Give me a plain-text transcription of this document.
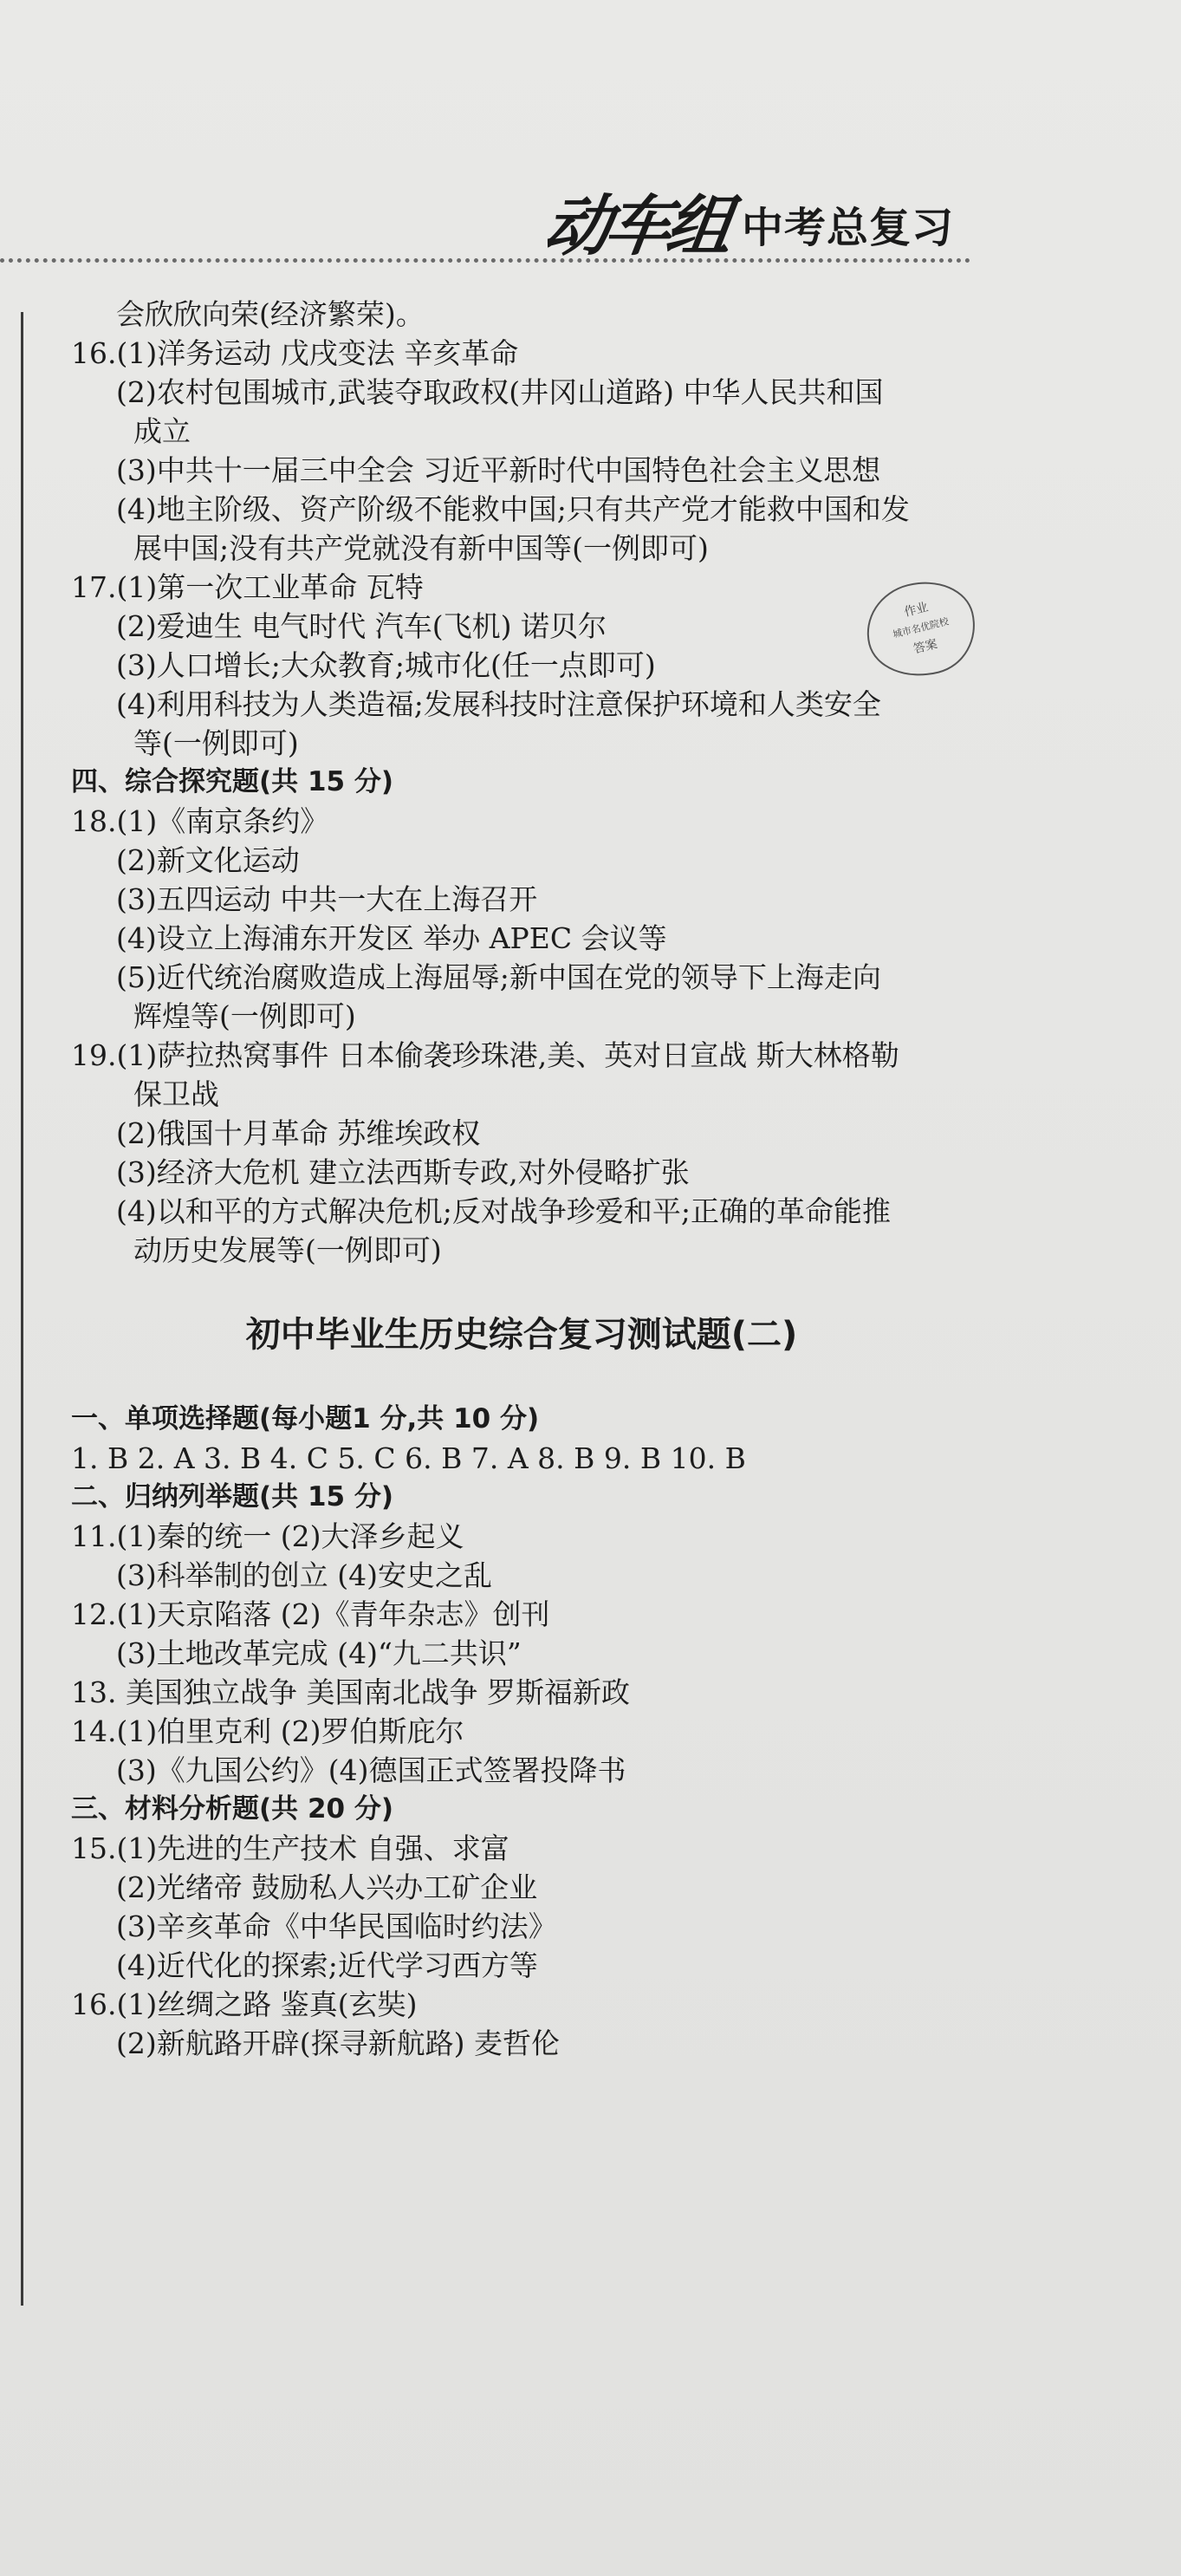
动车组 中考总复习
作业
城市名优院校
答案
会欣欣向荣(经济繁荣)。
16.(1)洋务运动 戊戌变法 辛亥革命
(2)农村包围城市,武装夺取政权(井冈山道路) 中华人民共和国
成立
(3)中共十一届三中全会 习近平新时代中国特色社会主义思想
(4)地主阶级、资产阶级不能救中国;只有共产党才能救中国和发
展中国;没有共产党就没有新中国等(一例即可)
17.(1)第一次工业革命 瓦特
(2)爱迪生 电气时代 汽车(飞机) 诺贝尔
(3)人口增长;大众教育;城市化(任一点即可)
(4)利用科技为人类造福;发展科技时注意保护环境和人类安全
等(一例即可)
四、综合探究题(共 15 分)
18.(1)《南京条约》
(2)新文化运动
(3)五四运动 中共一大在上海召开
(4)设立上海浦东开发区 举办 APEC 会议等
(5)近代统治腐败造成上海屈辱;新中国在党的领导下上海走向
辉煌等(一例即可)
19.(1)萨拉热窝事件 日本偷袭珍珠港,美、英对日宣战 斯大林格勒
保卫战
(2)俄国十月革命 苏维埃政权
(3)经济大危机 建立法西斯专政,对外侵略扩张
(4)以和平的方式解决危机;反对战争珍爱和平;正确的革命能推
动历史发展等(一例即可)
初中毕业生历史综合复习测试题(二)
一、单项选择题(每小题1 分,共 10 分)
1. B 2. A 3. B 4. C 5. C 6. B 7. A 8. B 9. B 10. B
二、归纳列举题(共 15 分)
11.(1)秦的统一 (2)大泽乡起义
(3)科举制的创立 (4)安史之乱
12.(1)天京陷落 (2)《青年杂志》创刊
(3)土地改革完成 (4)“九二共识”
13. 美国独立战争 美国南北战争 罗斯福新政
14.(1)伯里克利 (2)罗伯斯庇尔
(3)《九国公约》(4)德国正式签署投降书
三、材料分析题(共 20 分)
15.(1)先进的生产技术 自强、求富
(2)光绪帝 鼓励私人兴办工矿企业
(3)辛亥革命《中华民国临时约法》
(4)近代化的探索;近代学习西方等
16.(1)丝绸之路 鉴真(玄奘)
(2)新航路开辟(探寻新航路) 麦哲伦
